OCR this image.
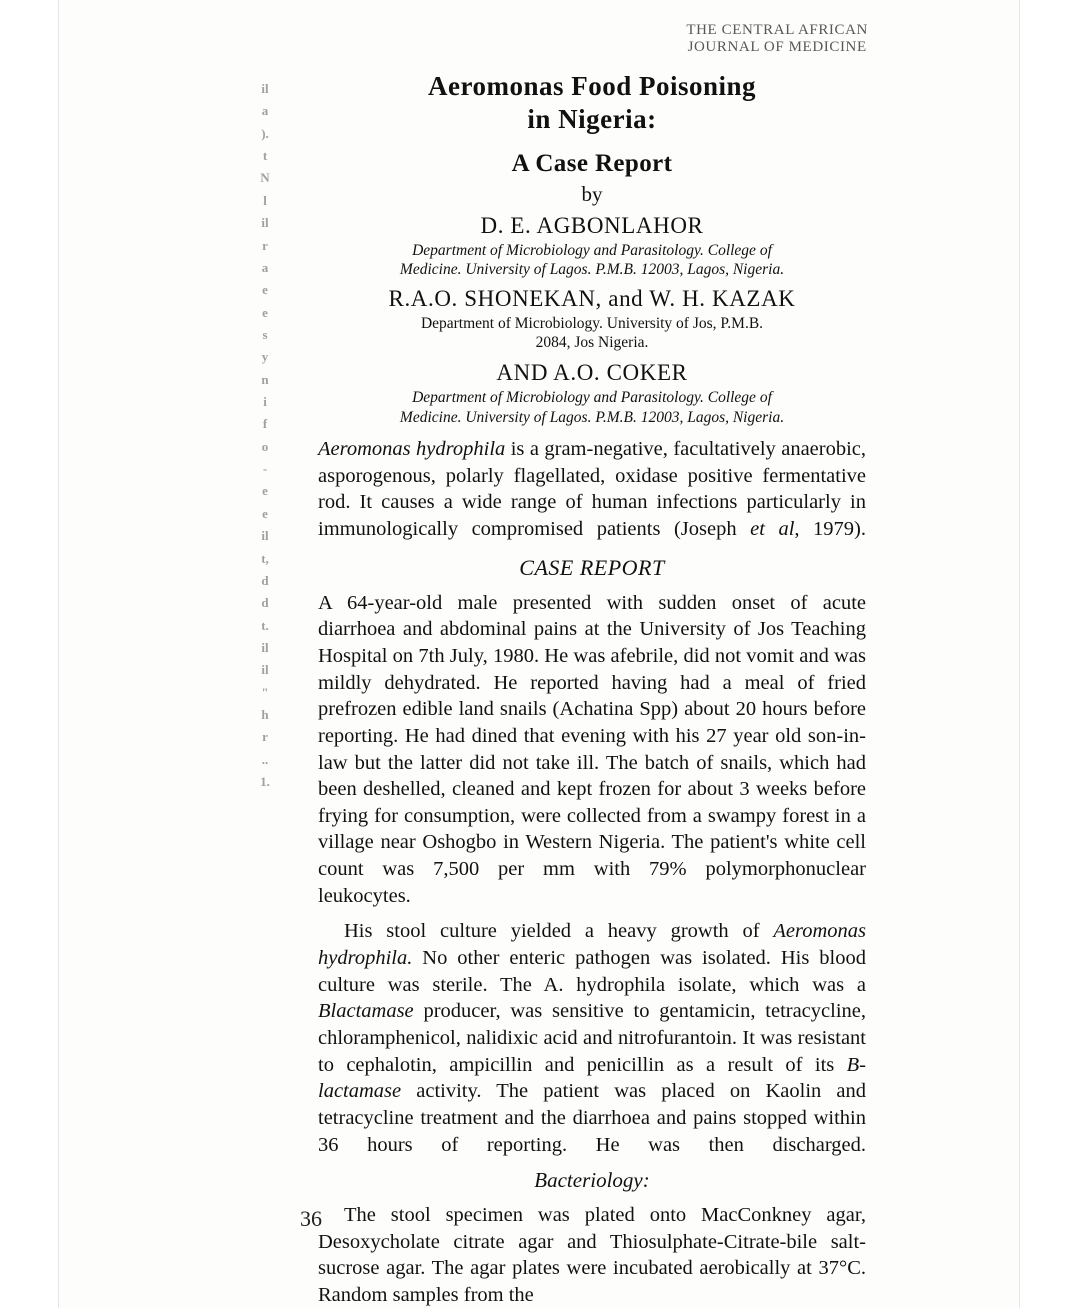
THE CENTRAL AFRICAN
JOURNAL OF MEDICINE
il
a
).
t
N
l
il
r
a
e
e
s
y
n
i
f
o
-
e
e
il
t,
d
d
t.
il
il
"
h
r
..
1.
Aeromonas Food Poisoning
in Nigeria:
A Case Report
by
D. E. AGBONLAHOR
Department of Microbiology and Parasitology. College of
Medicine. University of Lagos. P.M.B. 12003, Lagos, Nigeria.
R.A.O. SHONEKAN, and W. H. KAZAK
Department of Microbiology. University of Jos, P.M.B.
2084, Jos Nigeria.
AND A.O. COKER
Department of Microbiology and Parasitology. College of
Medicine. University of Lagos. P.M.B. 12003, Lagos, Nigeria.

Aeromonas hydrophila is a gram-negative, facultatively anaerobic, asporogenous, polarly flagellated, oxidase positive fermentative rod. It causes a wide range of human infections particularly in immunologically compromised patients (Joseph et al, 1979).

CASE REPORT

A 64-year-old male presented with sudden onset of acute diarrhoea and abdominal pains at the University of Jos Teaching Hospital on 7th July, 1980. He was afebrile, did not vomit and was mildly dehydrated. He reported having had a meal of fried prefrozen edible land snails (Achatina Spp) about 20 hours before reporting. He had dined that evening with his 27 year old son-in-law but the latter did not take ill. The batch of snails, which had been deshelled, cleaned and kept frozen for about 3 weeks before frying for consumption, were collected from a swampy forest in a village near Oshogbo in Western Nigeria. The patient's white cell count was 7,500 per mm with 79% polymorphonuclear leukocytes.

His stool culture yielded a heavy growth of Aeromonas hydrophila. No other enteric pathogen was isolated. His blood culture was sterile. The A. hydrophila isolate, which was a Blactamase producer, was sensitive to gentamicin, tetracycline, chloramphenicol, nalidixic acid and nitrofurantoin. It was resistant to cephalotin, ampicillin and penicillin as a result of its B-lactamase activity. The patient was placed on Kaolin and tetracycline treatment and the diarrhoea and pains stopped within 36 hours of reporting. He was then discharged.

Bacteriology:

The stool specimen was plated onto MacConkney agar, Desoxycholate citrate agar and Thiosulphate-Citrate-bile salt-sucrose agar. The agar plates were incubated aerobically at 37°C. Random samples from the

36
